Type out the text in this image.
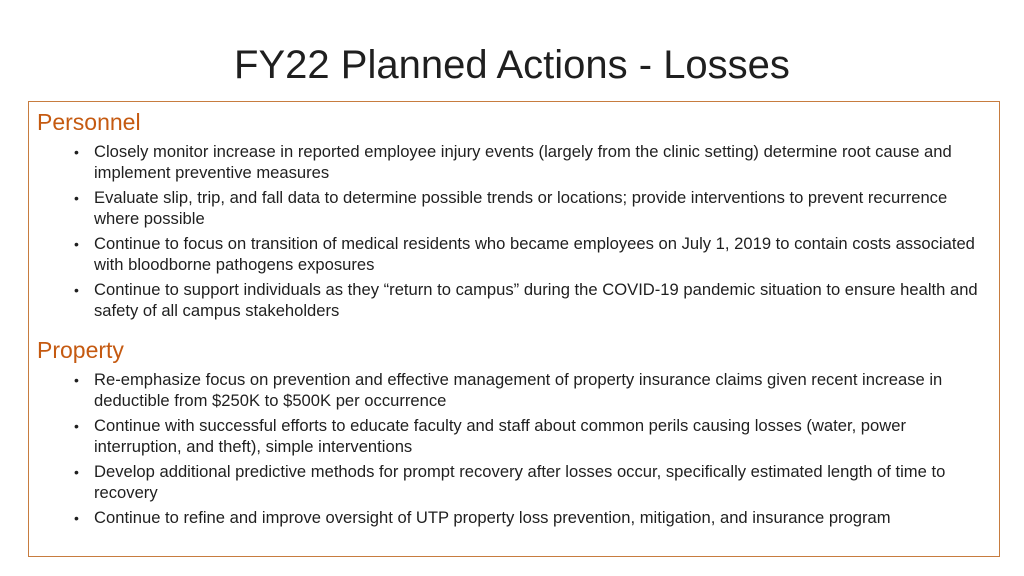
FY22 Planned Actions - Losses
Personnel
• Closely monitor increase in reported employee injury events (largely from the clinic setting) determine root cause and implement preventive measures
• Evaluate slip, trip, and fall data to determine possible trends or locations; provide interventions to prevent recurrence where possible
• Continue to focus on transition of medical residents who became employees on July 1, 2019 to contain costs associated with bloodborne pathogens exposures
• Continue to support individuals as they “return to campus” during the COVID-19 pandemic situation to ensure health and safety of all campus stakeholders
Property
• Re-emphasize focus on prevention and effective management of property insurance claims given recent increase in deductible from $250K to $500K per occurrence
• Continue with successful efforts to educate faculty and staff about common perils causing losses (water, power interruption, and theft), simple interventions
• Develop additional predictive methods for prompt recovery after losses occur, specifically estimated length of time to recovery
• Continue to refine and improve oversight of UTP property loss prevention, mitigation, and insurance program
